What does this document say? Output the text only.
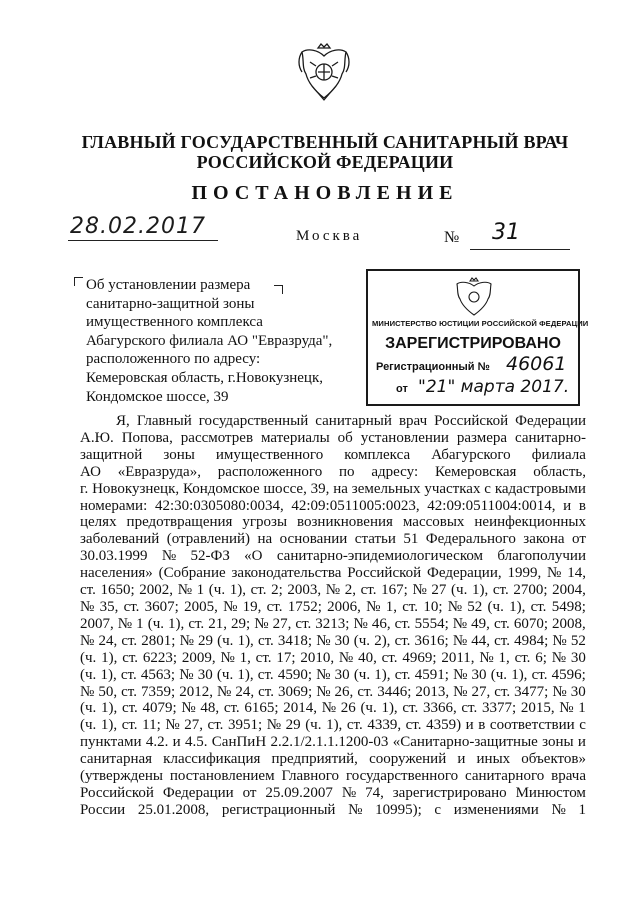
ГЛАВНЫЙ ГОСУДАРСТВЕННЫЙ САНИТАРНЫЙ ВРАЧ
РОССИЙСКОЙ ФЕДЕРАЦИИ
ПОСТАНОВЛЕНИЕ
28.02.2017	Москва	№ 31
Об установлении размера
санитарно-защитной зоны
имущественного комплекса
Абагурского филиала АО "Евразруда",
расположенного по адресу:
Кемеровская область, г.Новокузнецк,
Кондомское шоссе, 39
МИНИСТЕРСТВО ЮСТИЦИИ РОССИЙСКОЙ ФЕДЕРАЦИИ
ЗАРЕГИСТРИРОВАНО
Регистрационный № 46061
от "21" марта 2017.
Я, Главный государственный санитарный врач Российской Федерации
А.Ю. Попова, рассмотрев материалы об установлении размера санитарно-
защитной зоны имущественного комплекса Абагурского филиала
АО «Евразруда», расположенного по адресу: Кемеровская область,
г. Новокузнецк, Кондомское шоссе, 39, на земельных участках с кадастровыми
номерами: 42:30:0305080:0034, 42:09:0511005:0023, 42:09:0511004:0014, и в
целях предотвращения угрозы возникновения массовых неинфекционных
заболеваний (отравлений) на основании статьи 51 Федерального закона от
30.03.1999 № 52-ФЗ «О санитарно-эпидемиологическом благополучии
населения» (Собрание законодательства Российской Федерации, 1999, № 14,
ст. 1650; 2002, № 1 (ч. 1), ст. 2; 2003, № 2, ст. 167; № 27 (ч. 1), ст. 2700; 2004,
№ 35, ст. 3607; 2005, № 19, ст. 1752; 2006, № 1, ст. 10; № 52 (ч. 1), ст. 5498;
2007, № 1 (ч. 1), ст. 21, 29; № 27, ст. 3213; № 46, ст. 5554; № 49, ст. 6070; 2008,
№ 24, ст. 2801; № 29 (ч. 1), ст. 3418; № 30 (ч. 2), ст. 3616; № 44, ст. 4984; № 52
(ч. 1), ст. 6223; 2009, № 1, ст. 17; 2010, № 40, ст. 4969; 2011, № 1, ст. 6; № 30
(ч. 1), ст. 4563; № 30 (ч. 1), ст. 4590; № 30 (ч. 1), ст. 4591; № 30 (ч. 1), ст. 4596;
№ 50, ст. 7359; 2012, № 24, ст. 3069; № 26, ст. 3446; 2013, № 27, ст. 3477; № 30
(ч. 1), ст. 4079; № 48, ст. 6165; 2014, № 26 (ч. 1), ст. 3366, ст. 3377; 2015, № 1
(ч. 1), ст. 11; № 27, ст. 3951; № 29 (ч. 1), ст. 4339, ст. 4359) и в соответствии с
пунктами 4.2. и 4.5. СанПиН 2.2.1/2.1.1.1200-03 «Санитарно-защитные зоны и
санитарная классификация предприятий, сооружений и иных объектов»
(утверждены постановлением Главного государственного санитарного врача
Российской Федерации от 25.09.2007 № 74, зарегистрировано Минюстом
России 25.01.2008, регистрационный № 10995); с изменениями № 1
